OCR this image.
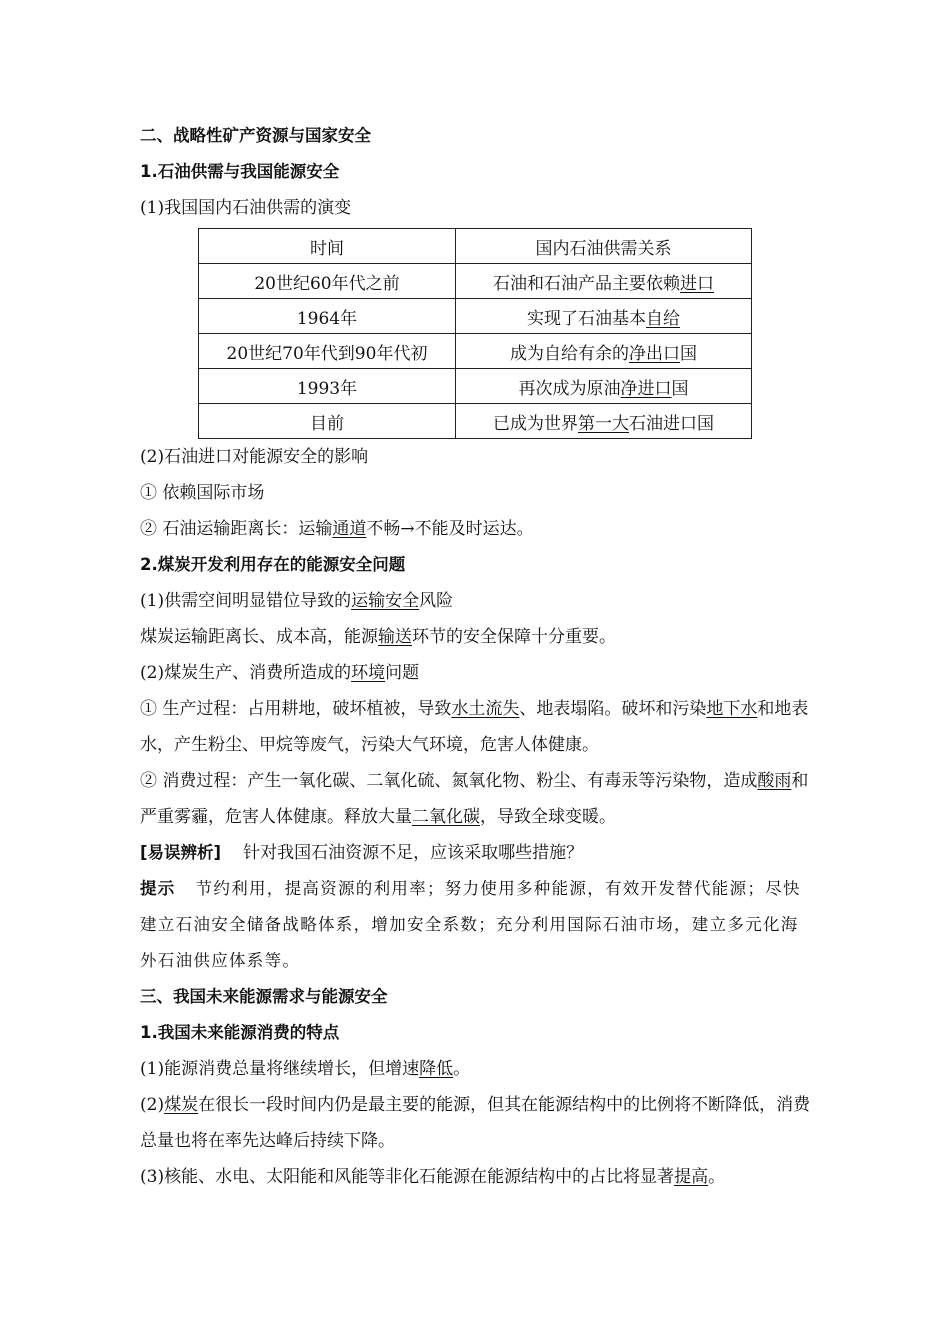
二、战略性矿产资源与国家安全
1.石油供需与我国能源安全
(1)我国国内石油供需的演变
时间	国内石油供需关系
20世纪60年代之前	石油和石油产品主要依赖进口
1964年	实现了石油基本自给
20世纪70年代到90年代初	成为自给有余的净出口国
1993年	再次成为原油净进口国
目前	已成为世界第一大石油进口国
(2)石油进口对能源安全的影响
① 依赖国际市场
② 石油运输距离长：运输通道不畅→不能及时运达。
2.煤炭开发利用存在的能源安全问题
(1)供需空间明显错位导致的运输安全风险
煤炭运输距离长、成本高，能源输送环节的安全保障十分重要。
(2)煤炭生产、消费所造成的环境问题
① 生产过程：占用耕地，破坏植被，导致水土流失、地表塌陷。破坏和污染地下水和地表水，产生粉尘、甲烷等废气，污染大气环境，危害人体健康。
② 消费过程：产生一氧化碳、二氧化硫、氮氧化物、粉尘、有毒汞等污染物，造成酸雨和严重雾霾，危害人体健康。释放大量二氧化碳，导致全球变暖。
[易误辨析] 针对我国石油资源不足，应该采取哪些措施？
提示 节约利用，提高资源的利用率；努力使用多种能源，有效开发替代能源；尽快建立石油安全储备战略体系，增加安全系数；充分利用国际石油市场，建立多元化海外石油供应体系等。
三、我国未来能源需求与能源安全
1.我国未来能源消费的特点
(1)能源消费总量将继续增长，但增速降低。
(2)煤炭在很长一段时间内仍是最主要的能源，但其在能源结构中的比例将不断降低，消费总量也将在率先达峰后持续下降。
(3)核能、水电、太阳能和风能等非化石能源在能源结构中的占比将显著提高。
